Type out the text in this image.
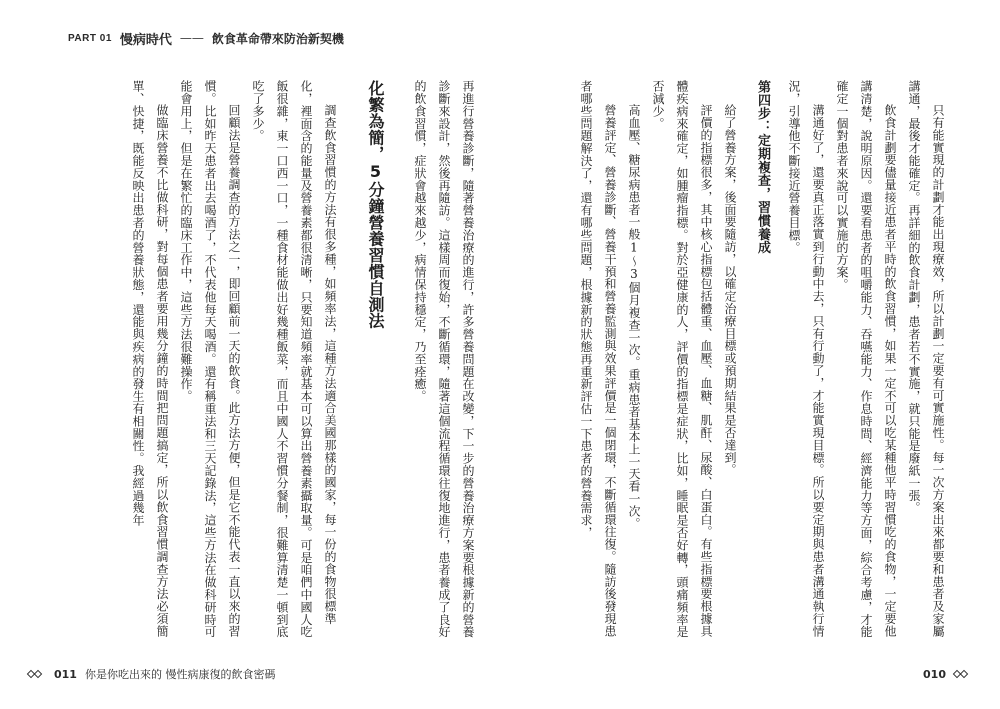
PART 01 慢病時代 —— 飲食革命帶來防治新契機

再進行營養診斷，隨著營養治療的進行，許多營養問題在改變，下一步的營養治療方案要根據新的營養診斷來設計，然後再隨訪。這樣周而復始，不斷循環，隨著這個流程循環往復地進行，患者養成了良好的飲食習慣，症狀會越來越少，病情保持穩定，乃至痊癒。

化繁為簡，5分鐘營養習慣自測法

調查飲食習慣的方法有很多種，如頻率法，這種方法適合美國那樣的國家，每一份的食物很標準化，裡面含的能量及營養素都很清晰，只要知道頻率就基本可以算出營養素攝取量。可是咱們中國人吃飯很雜，東一口西一口，一種食材能做出好幾種飯菜，而且中國人不習慣分餐制，很難算清楚一頓到底吃了多少。

回顧法是營養調查的方法之一，即回顧前一天的飲食。此方法方便，但是它不能代表一直以來的習慣。比如昨天患者出去喝酒了，不代表他每天喝酒。還有稱重法和三天記錄法，這些方法在做科研時可能會用上，但是在繁忙的臨床工作中，這些方法很難操作。

做臨床營養不比做科研，對每個患者要用幾分鐘的時間把問題搞定，所以飲食習慣調查方法必須簡單、快捷，既能反映出患者的營養狀態，還能與疾病的發生有相關性。我經過幾年	只有能實現的計劃才能出現療效，所以計劃一定要有可實施性。每一次方案出來都要和患者及家屬講通，最後才能確定。再詳細的飲食計劃，患者若不實施，就只能是廢紙一張。

飲食計劃要儘量接近患者平時的飲食習慣，如果一定不可以吃某種他平時習慣吃的食物，一定要他講清楚，說明原因。還要看患者的咀嚼能力、吞嚥能力、作息時間、經濟能力等方面，綜合考慮，才能確定一個對患者來說可以實施的方案。

溝通好了，還要真正落實到行動中去，只有行動了，才能實現目標。所以要定期與患者溝通執行情況，引導他不斷接近營養目標。

第四步：定期複查，習慣養成

給了營養方案，後面要隨訪，以確定治療目標或預期結果是否達到。

評價的指標很多，其中核心指標包括體重、血壓、血糖、肌酐、尿酸、白蛋白。有些指標要根據具體疾病來確定，如腫瘤指標。對於亞健康的人，評價的指標是症狀，比如，睡眠是否好轉，頭痛頻率是否減少。

高血壓、糖尿病患者一般1～3個月複查一次。重病患者基本上一天看一次。

營養評定、營養診斷、營養干預和營養監測與效果評價是一個閉環，不斷循環往復。隨訪後發現患者哪些問題解決了，還有哪些問題，根據新的狀態再重新評估一下患者的營養需求，

011 你是你吃出來的 慢性病康復的飲食密碼	010
